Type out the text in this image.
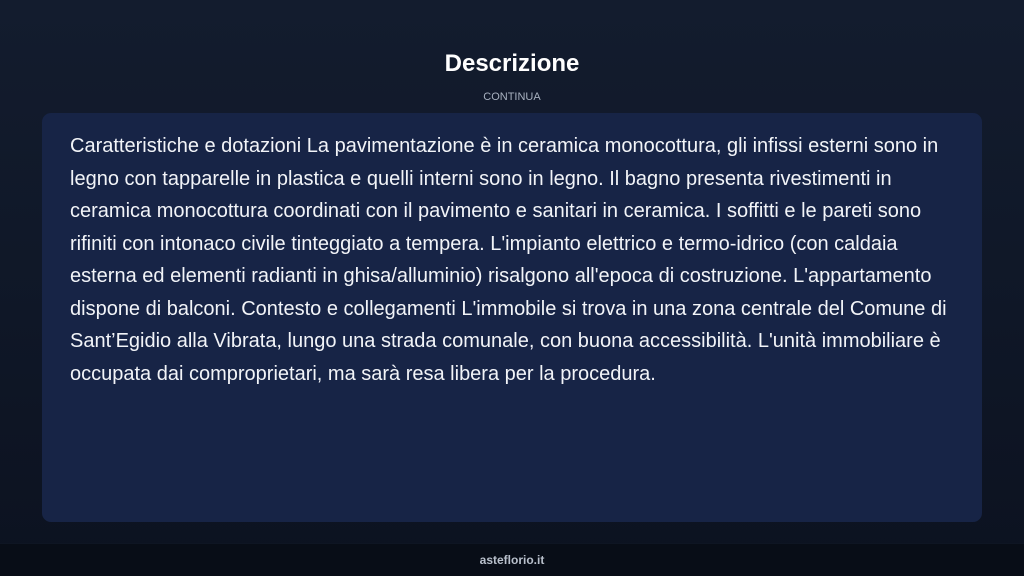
Descrizione
CONTINUA

Caratteristiche e dotazioni La pavimentazione è in ceramica monocottura, gli infissi esterni sono in legno con tapparelle in plastica e quelli interni sono in legno. Il bagno presenta rivestimenti in ceramica monocottura coordinati con il pavimento e sanitari in ceramica. I soffitti e le pareti sono rifiniti con intonaco civile tinteggiato a tempera. L'impianto elettrico e termo-idrico (con caldaia esterna ed elementi radianti in ghisa/alluminio) risalgono all'epoca di costruzione. L'appartamento dispone di balconi. Contesto e collegamenti L'immobile si trova in una zona centrale del Comune di Sant’Egidio alla Vibrata, lungo una strada comunale, con buona accessibilità. L'unità immobiliare è occupata dai comproprietari, ma sarà resa libera per la procedura.

asteflorio.it
